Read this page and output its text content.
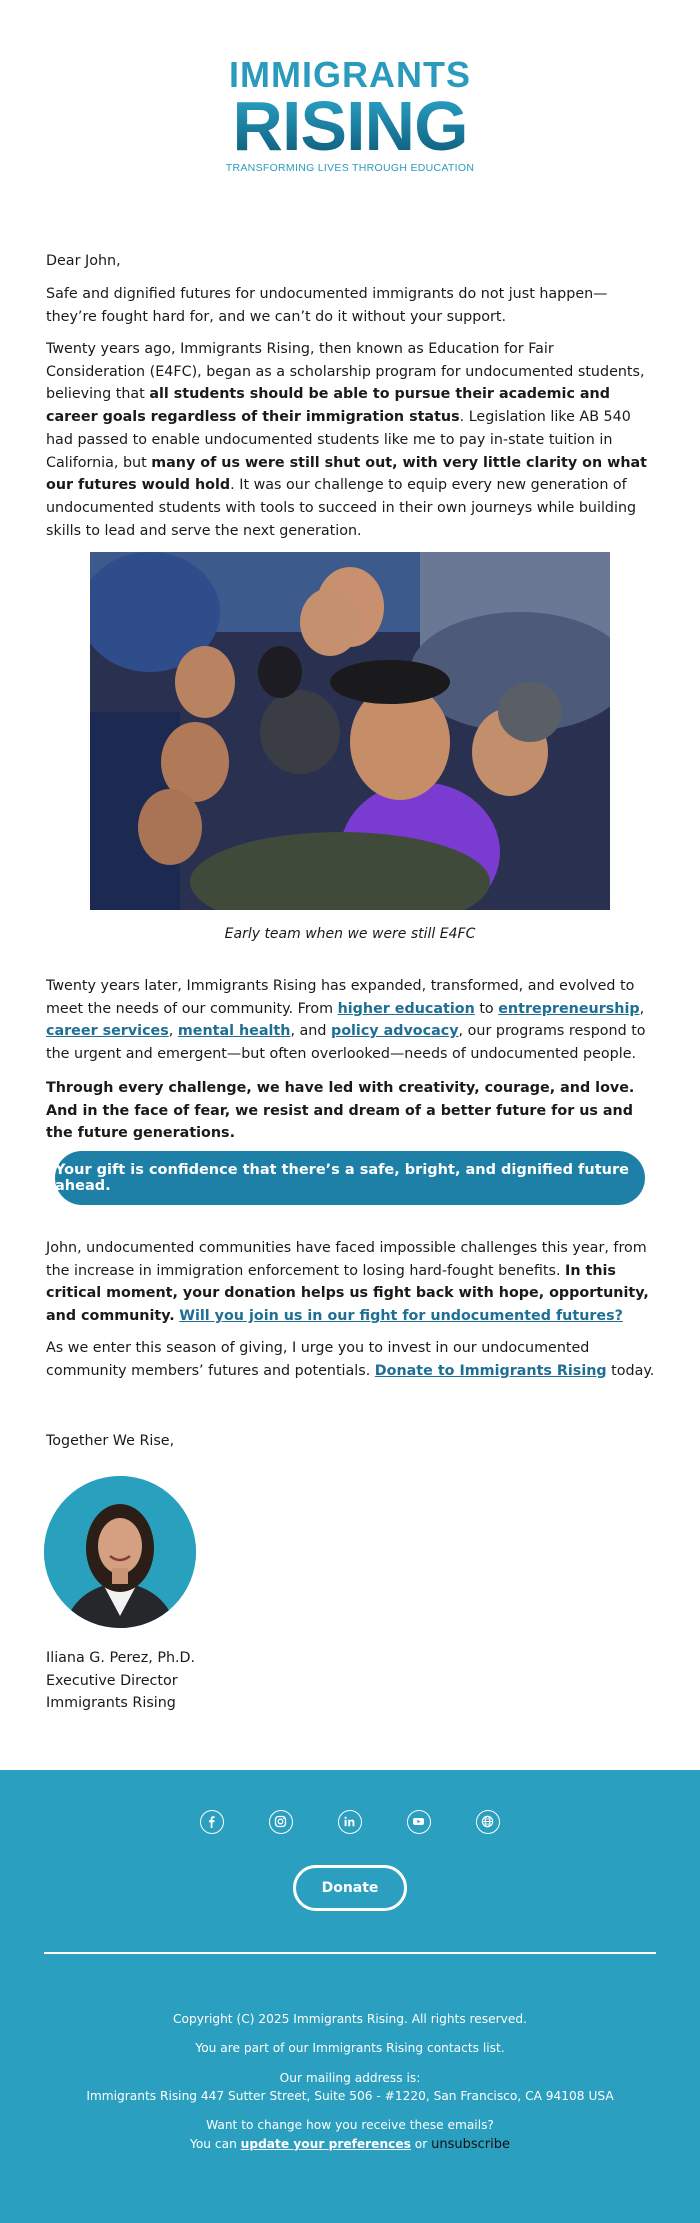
IMMIGRANTS
RISING
TRANSFORMING LIVES THROUGH EDUCATION

Dear John,

Safe and dignified futures for undocumented immigrants do not just happen—they’re fought hard for, and we can’t do it without your support.

Twenty years ago, Immigrants Rising, then known as Education for Fair Consideration (E4FC), began as a scholarship program for undocumented students, believing that all students should be able to pursue their academic and career goals regardless of their immigration status. Legislation like AB 540 had passed to enable undocumented students like me to pay in-state tuition in California, but many of us were still shut out, with very little clarity on what our futures would hold. It was our challenge to equip every new generation of undocumented students with tools to succeed in their own journeys while building skills to lead and serve the next generation.

Early team when we were still E4FC

Twenty years later, Immigrants Rising has expanded, transformed, and evolved to meet the needs of our community. From higher education to entrepreneurship, career services, mental health, and policy advocacy, our programs respond to the urgent and emergent—but often overlooked—needs of undocumented people.

Through every challenge, we have led with creativity, courage, and love. And in the face of fear, we resist and dream of a better future for us and the future generations.

Your gift is confidence that there’s a safe, bright, and dignified future ahead.

John, undocumented communities have faced impossible challenges this year, from the increase in immigration enforcement to losing hard-fought benefits. In this critical moment, your donation helps us fight back with hope, opportunity, and community. Will you join us in our fight for undocumented futures?

As we enter this season of giving, I urge you to invest in our undocumented community members’ futures and potentials. Donate to Immigrants Rising today.

Together We Rise,

Iliana G. Perez, Ph.D.

Executive Director

Immigrants Rising

Donate
Copyright (C) 2025 Immigrants Rising. All rights reserved.
You are part of our Immigrants Rising contacts list.
Our mailing address is:
Immigrants Rising 447 Sutter Street, Suite 506 - #1220, San Francisco, CA 94108 USA
Want to change how you receive these emails?
You can update your preferences or unsubscribe
